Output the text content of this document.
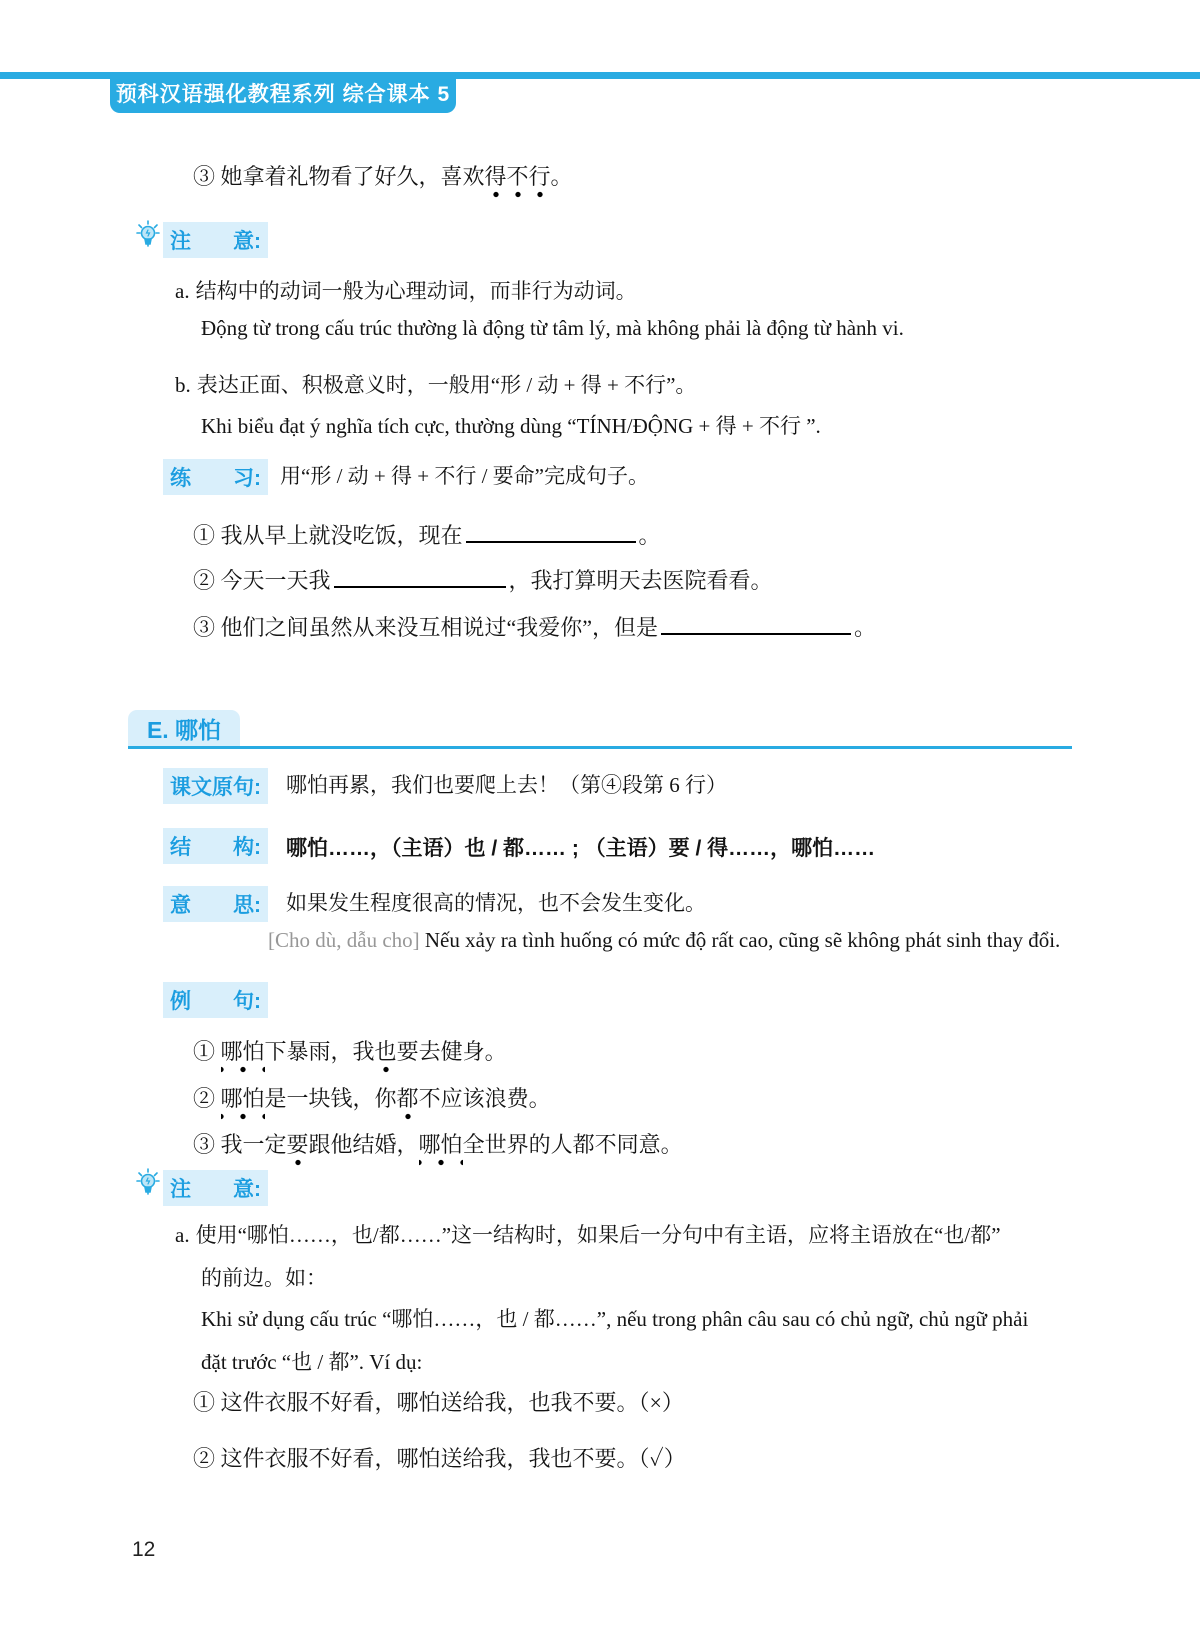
预科汉语强化教程系列 综合课本 5
③ 她拿着礼物看了好久，喜欢得不行。
注　　意:
a. 结构中的动词一般为心理动词，而非行为动词。
Động từ trong cấu trúc thường là động từ tâm lý, mà không phải là động từ hành vi.
b. 表达正面、积极意义时，一般用“形 / 动 + 得 + 不行”。
Khi biểu đạt ý nghĩa tích cực, thường dùng “TÍNH/ĐỘNG + 得 + 不行 ”.
练　　习: 用“形 / 动 + 得 + 不行 / 要命”完成句子。
① 我从早上就没吃饭，现在	。
② 今天一天我	，我打算明天去医院看看。
③ 他们之间虽然从来没互相说过“我爱你”，但是	。
E. 哪怕
课文原句:	哪怕再累，我们也要爬上去！（第④段第 6 行）
结　　构:	哪怕……，（主语）也 / 都…… ; （主语）要 / 得……，哪怕……
意　　思:	如果发生程度很高的情况，也不会发生变化。
[Cho dù, dẫu cho] Nếu xảy ra tình huống có mức độ rất cao, cũng sẽ không phát sinh thay đổi.
例　　句:
① 哪怕下暴雨，我也要去健身。
② 哪怕是一块钱，你都不应该浪费。
③ 我一定要跟他结婚，哪怕全世界的人都不同意。
注　　意:
a. 使用“哪怕……，也/都……”这一结构时，如果后一分句中有主语，应将主语放在“也/都”
的前边。如：
Khi sử dụng cấu trúc “哪怕……，也 / 都……”, nếu trong phân câu sau có chủ ngữ, chủ ngữ phải
đặt trước “也 / 都”. Ví dụ:
① 这件衣服不好看，哪怕送给我，也我不要。（×）
② 这件衣服不好看，哪怕送给我，我也不要。（✓）
12
